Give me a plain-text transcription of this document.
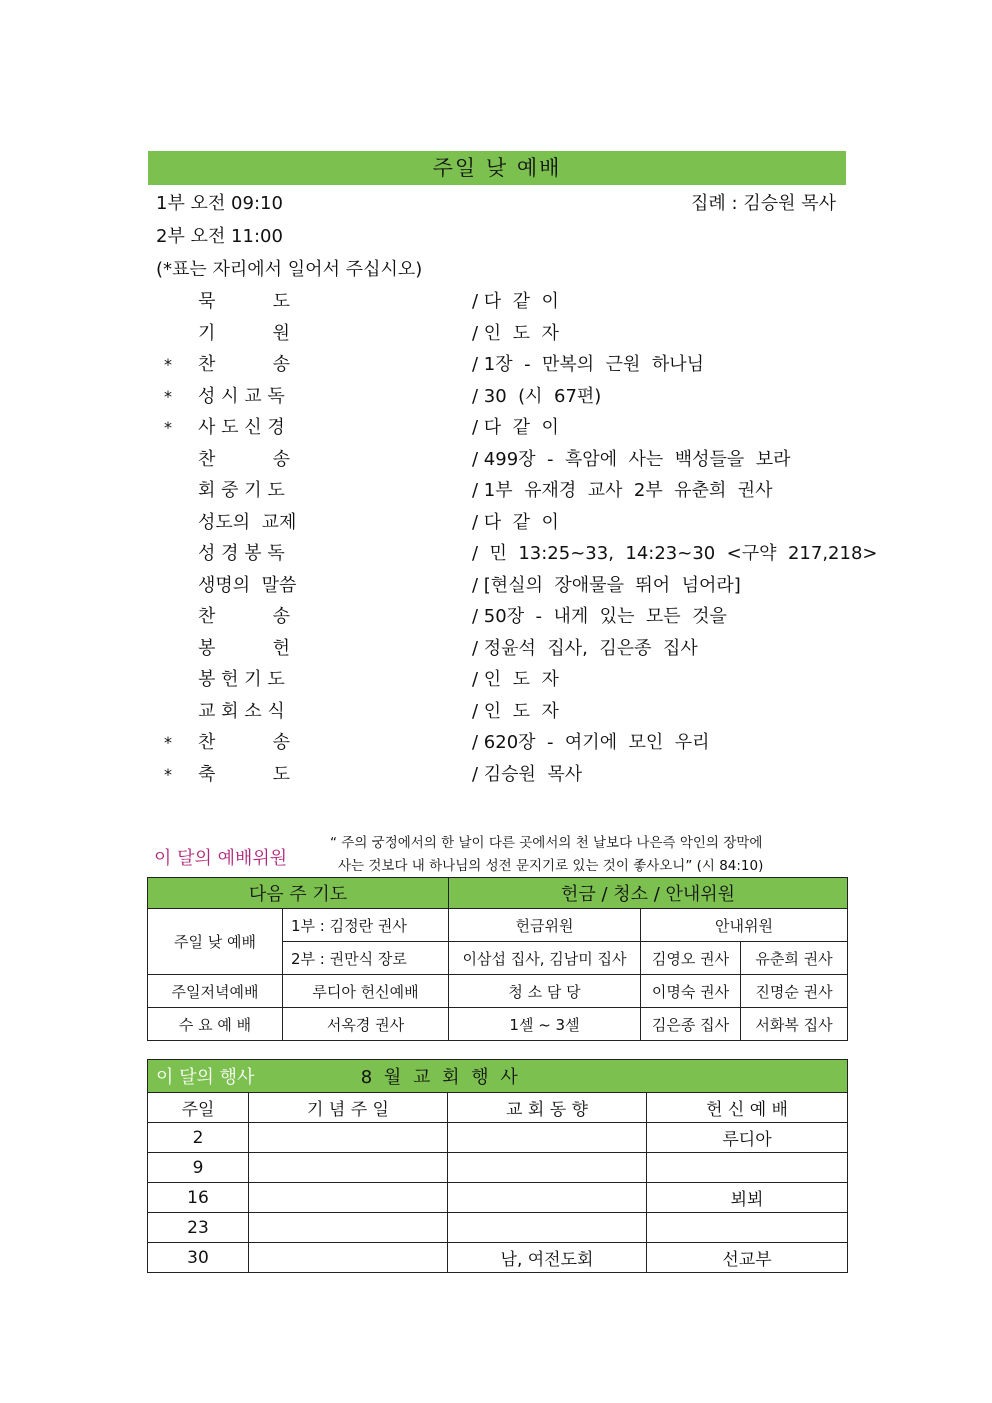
주일 낮 예배
1부 오전 09:10	집례 : 김승원 목사
2부 오전 11:00
(*표는 자리에서 일어서 주십시오)
묵          도	/ 다  같  이
기          원	/ 인  도  자
* 찬          송	/ 1장  -  만복의  근원  하나님
* 성 시 교 독	/ 30  (시  67편)
* 사 도 신 경	/ 다  같  이
찬          송	/ 499장  -  흑암에  사는  백성들을  보라
회 중 기 도	/ 1부  유재경  교사  2부  유춘희  권사
성도의  교제	/ 다  같  이
성 경 봉 독	/  민  13:25~33,  14:23~30  <구약  217,218>
생명의  말씀	/ [현실의  장애물을  뛰어  넘어라]
찬          송	/ 50장  -  내게  있는  모든  것을
봉          헌	/ 정윤석  집사,  김은종  집사
봉 헌 기 도	/ 인  도  자
교 회 소 식	/ 인  도  자
* 찬          송	/ 620장  -  여기에  모인  우리
* 축          도	/ 김승원  목사
이 달의 예배위원
“ 주의 궁정에서의 한 날이 다른 곳에서의 천 날보다 나은즉 악인의 장막에
사는 것보다 내 하나님의 성전 문지기로 있는 것이 좋사오니” (시 84:10)
다음 주 기도		헌금 / 청소 / 안내위원		
주일 낮 예배	1부 : 김정란 권사	헌금위원	안내위원	
	2부 : 권만식 장로	이삼섭 집사, 김남미 집사	김영오 권사	유춘희 권사
주일저녁예배	루디아 헌신예배	청 소 담 당	이명숙 권사	진명순 권사
수 요 예 배	서옥경 권사	1셀 ~ 3셀	김은종 집사	서화복 집사
이 달의 행사 8 월 교 회 행 사			
주일	기 념 주 일	교 회 동 향	헌 신 예 배
2			루디아
9			
16			뵈뵈
23			
30		남, 여전도회	선교부
